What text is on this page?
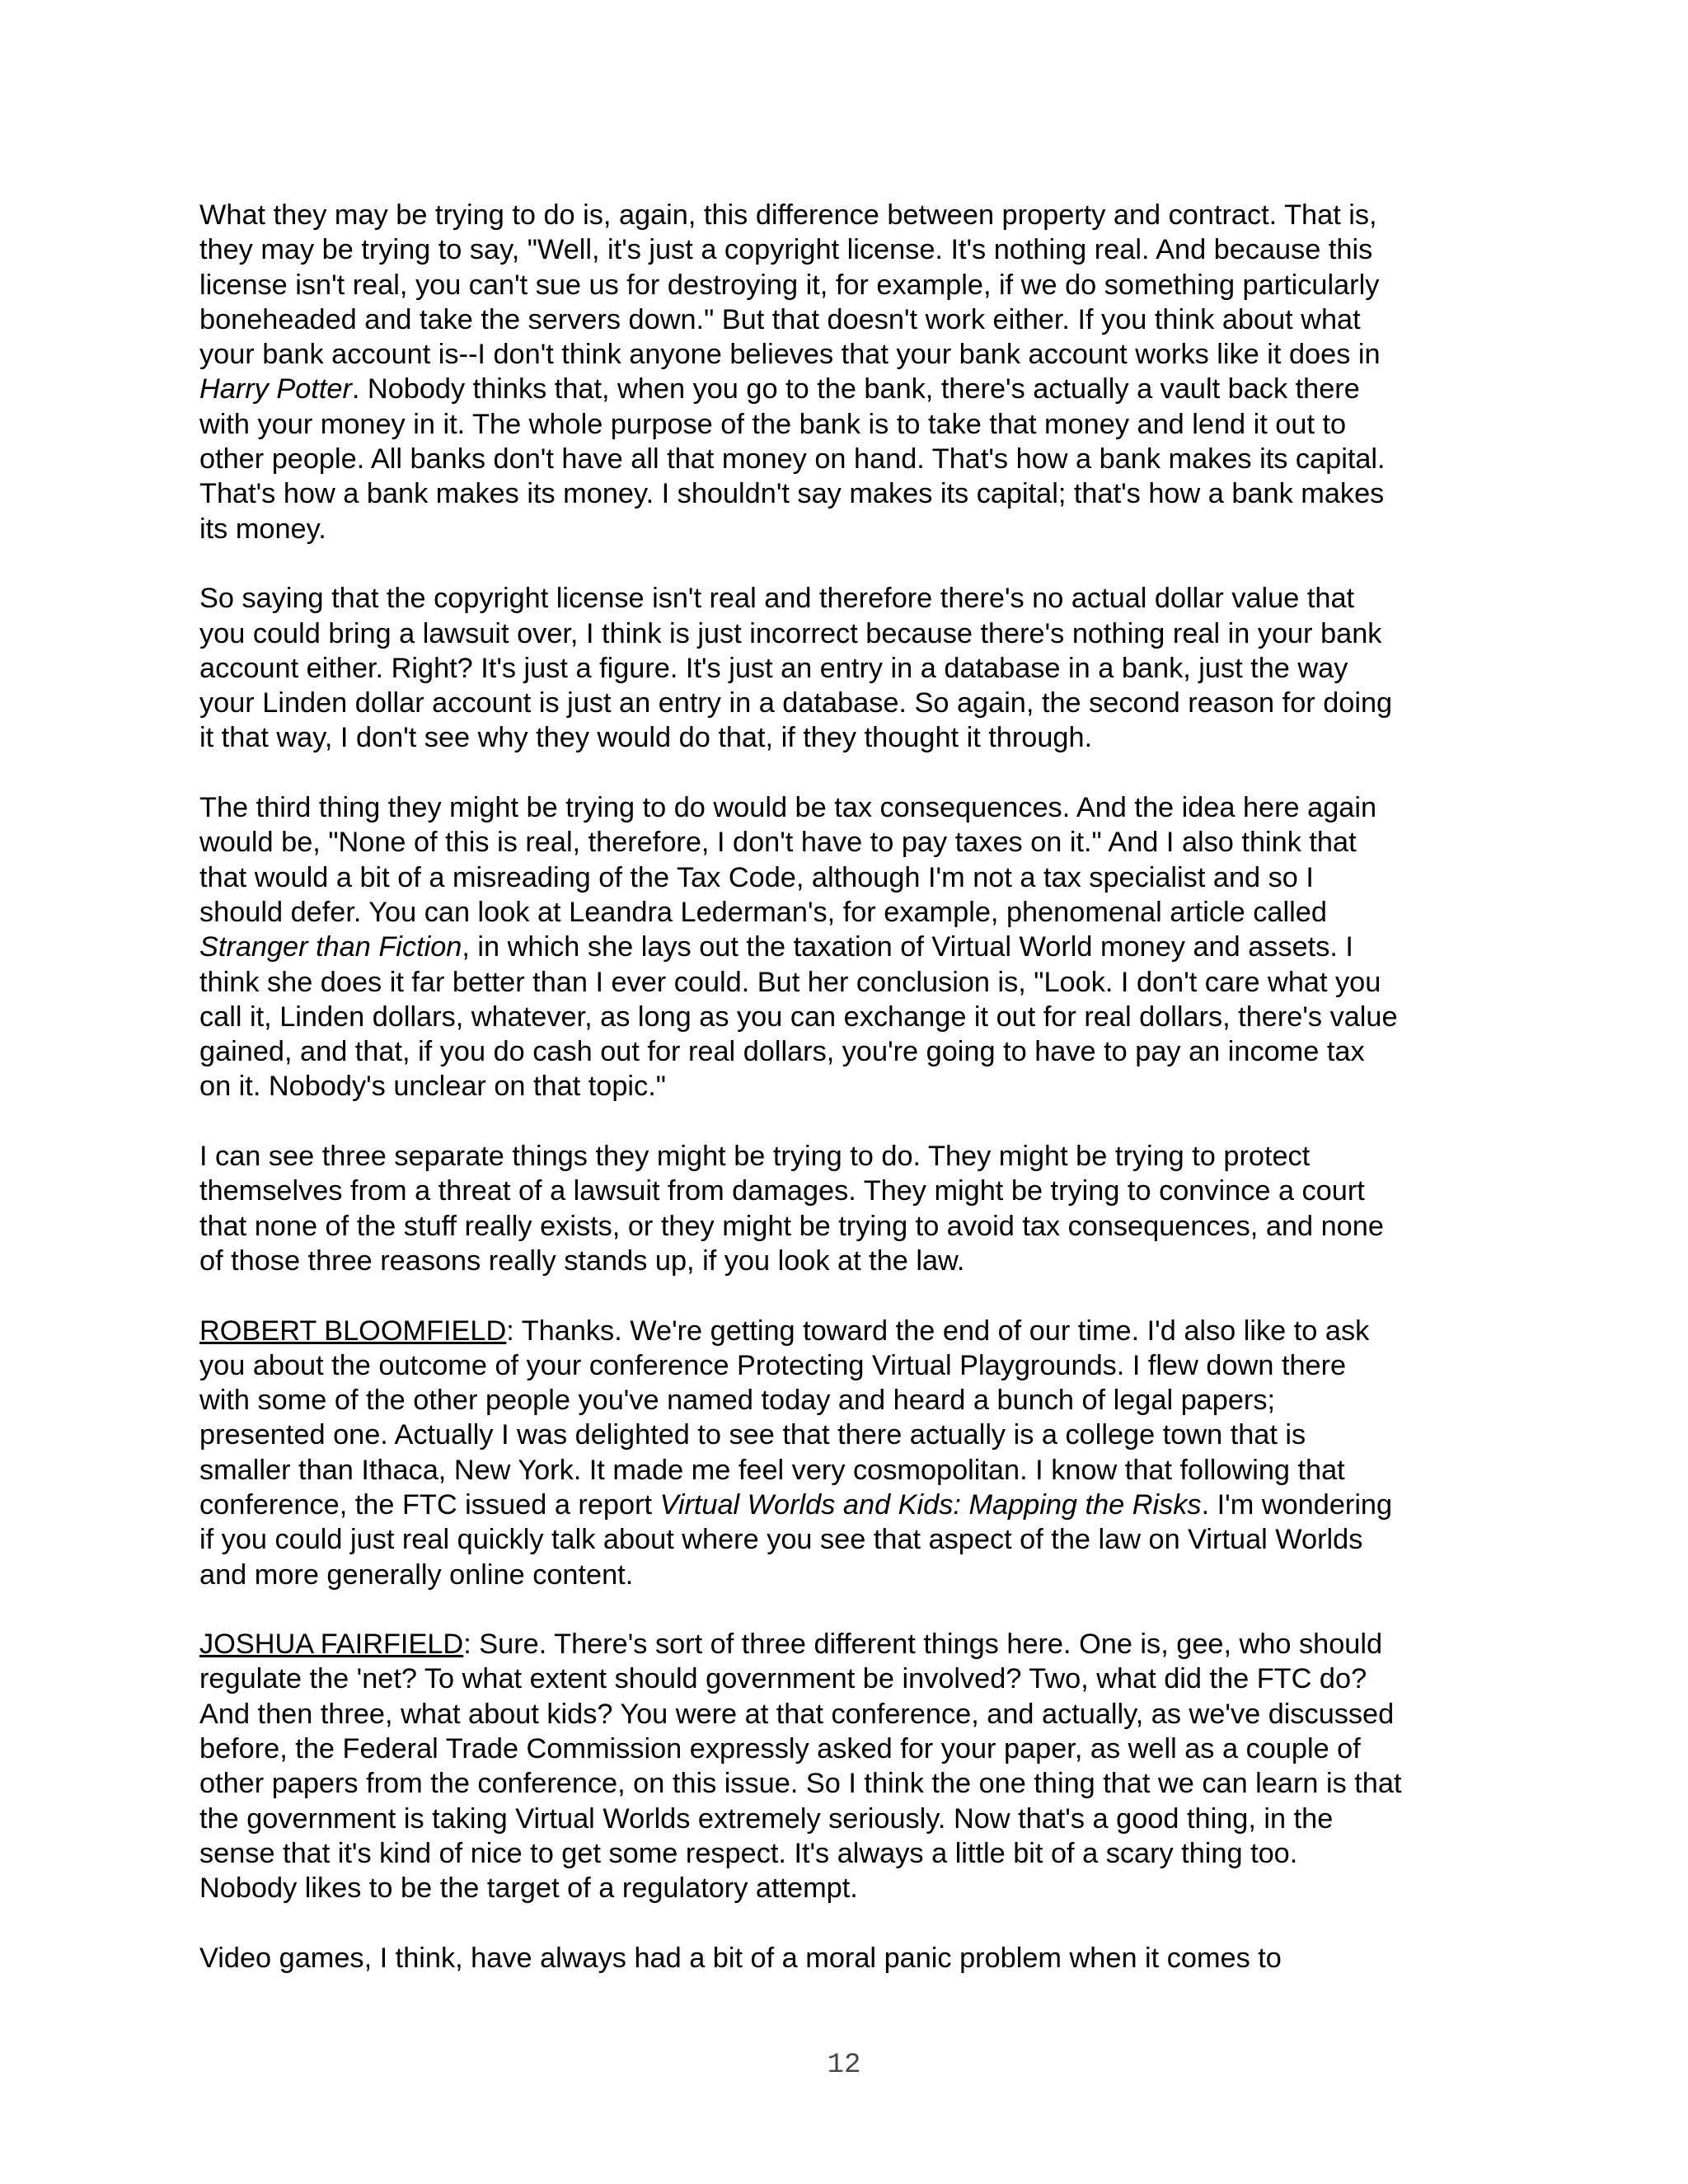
What they may be trying to do is, again, this difference between property and contract. That is,
they may be trying to say, "Well, it's just a copyright license. It's nothing real. And because this
license isn't real, you can't sue us for destroying it, for example, if we do something particularly
boneheaded and take the servers down." But that doesn't work either. If you think about what
your bank account is--I don't think anyone believes that your bank account works like it does in
Harry Potter. Nobody thinks that, when you go to the bank, there's actually a vault back there
with your money in it. The whole purpose of the bank is to take that money and lend it out to
other people. All banks don't have all that money on hand. That's how a bank makes its capital.
That's how a bank makes its money. I shouldn't say makes its capital; that's how a bank makes
its money.

So saying that the copyright license isn't real and therefore there's no actual dollar value that
you could bring a lawsuit over, I think is just incorrect because there's nothing real in your bank
account either. Right? It's just a figure. It's just an entry in a database in a bank, just the way
your Linden dollar account is just an entry in a database. So again, the second reason for doing
it that way, I don't see why they would do that, if they thought it through.

The third thing they might be trying to do would be tax consequences. And the idea here again
would be, "None of this is real, therefore, I don't have to pay taxes on it." And I also think that
that would a bit of a misreading of the Tax Code, although I'm not a tax specialist and so I
should defer. You can look at Leandra Lederman's, for example, phenomenal article called
Stranger than Fiction, in which she lays out the taxation of Virtual World money and assets. I
think she does it far better than I ever could. But her conclusion is, "Look. I don't care what you
call it, Linden dollars, whatever, as long as you can exchange it out for real dollars, there's value
gained, and that, if you do cash out for real dollars, you're going to have to pay an income tax
on it. Nobody's unclear on that topic."

I can see three separate things they might be trying to do. They might be trying to protect
themselves from a threat of a lawsuit from damages. They might be trying to convince a court
that none of the stuff really exists, or they might be trying to avoid tax consequences, and none
of those three reasons really stands up, if you look at the law.

ROBERT BLOOMFIELD: Thanks. We're getting toward the end of our time. I'd also like to ask
you about the outcome of your conference Protecting Virtual Playgrounds. I flew down there
with some of the other people you've named today and heard a bunch of legal papers;
presented one. Actually I was delighted to see that there actually is a college town that is
smaller than Ithaca, New York. It made me feel very cosmopolitan. I know that following that
conference, the FTC issued a report Virtual Worlds and Kids: Mapping the Risks. I'm wondering
if you could just real quickly talk about where you see that aspect of the law on Virtual Worlds
and more generally online content.

JOSHUA FAIRFIELD: Sure. There's sort of three different things here. One is, gee, who should
regulate the 'net? To what extent should government be involved? Two, what did the FTC do?
And then three, what about kids? You were at that conference, and actually, as we've discussed
before, the Federal Trade Commission expressly asked for your paper, as well as a couple of
other papers from the conference, on this issue. So I think the one thing that we can learn is that
the government is taking Virtual Worlds extremely seriously. Now that's a good thing, in the
sense that it's kind of nice to get some respect. It's always a little bit of a scary thing too.
Nobody likes to be the target of a regulatory attempt.

Video games, I think, have always had a bit of a moral panic problem when it comes to

12
